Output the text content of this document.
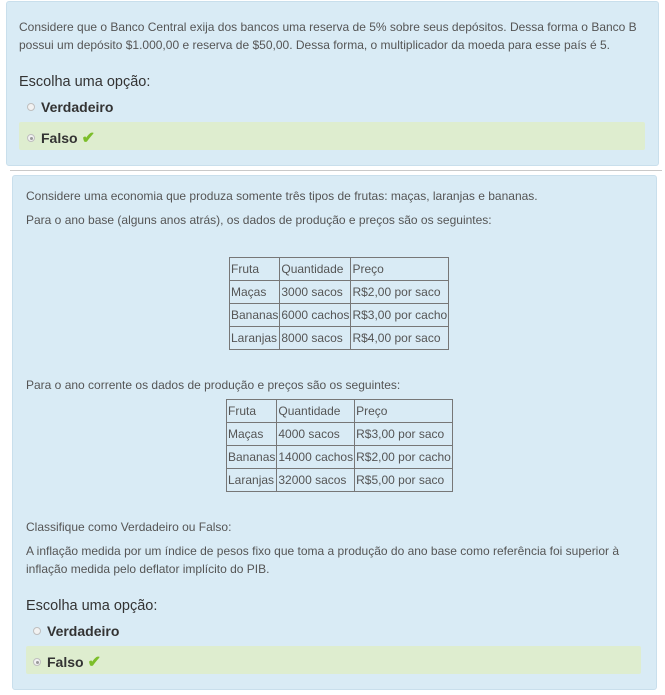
Considere que o Banco Central exija dos bancos uma reserva de 5% sobre seus depósitos. Dessa forma o Banco B possui um depósito $1.000,00 e reserva de $50,00. Dessa forma, o multiplicador da moeda para esse país é 5.

Escolha uma opção:
Verdadeiro
Falso ✔

Considere uma economia que produza somente três tipos de frutas: maças, laranjas e bananas.

Para o ano base (alguns anos atrás), os dados de produção e preços são os seguintes:

Fruta	Quantidade	Preço
Maças	3000 sacos	R$2,00 por saco
Bananas	6000 cachos	R$3,00 por cacho
Laranjas	8000 sacos	R$4,00 por saco

Para o ano corrente os dados de produção e preços são os seguintes:

Fruta	Quantidade	Preço
Maças	4000 sacos	R$3,00 por saco
Bananas	14000 cachos	R$2,00 por cacho
Laranjas	32000 sacos	R$5,00 por saco

Classifique como Verdadeiro ou Falso:

A inflação medida por um índice de pesos fixo que toma a produção do ano base como referência foi superior à inflação medida pelo deflator implícito do PIB.

Escolha uma opção:
Verdadeiro
Falso ✔
